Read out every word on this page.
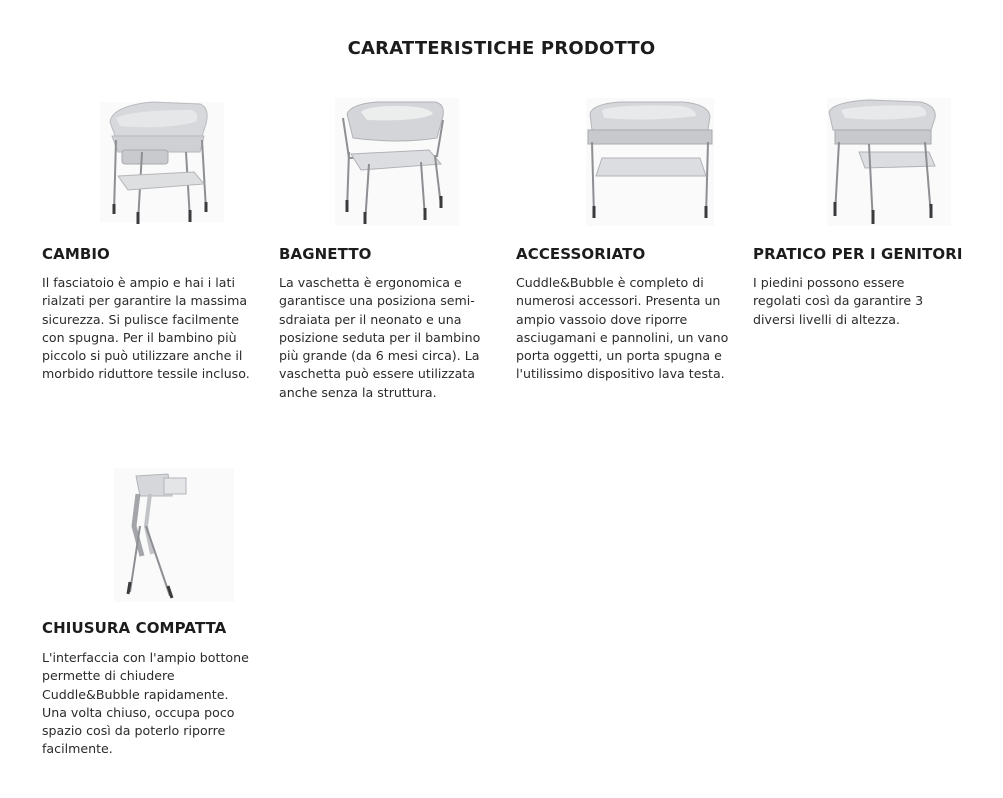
CARATTERISTICHE PRODOTTO
CAMBIO

Il fasciatoio è ampio e hai i lati rialzati per garantire la massima sicurezza. Si pulisce facilmente con spugna. Per il bambino più piccolo si può utilizzare anche il morbido riduttore tessile incluso.

BAGNETTO

La vaschetta è ergonomica e garantisce una posiziona semi-sdraiata per il neonato e una posizione seduta per il bambino più grande (da 6 mesi circa). La vaschetta può essere utilizzata anche senza la struttura.

ACCESSORIATO

Cuddle&Bubble è completo di numerosi accessori. Presenta un ampio vassoio dove riporre asciugamani e pannolini, un vano porta oggetti, un porta spugna e l'utilissimo dispositivo lava testa.

PRATICO PER I GENITORI

I piedini possono essere regolati così da garantire 3 diversi livelli di altezza.

CHIUSURA COMPATTA

L'interfaccia con l'ampio bottone permette di chiudere Cuddle&Bubble rapidamente. Una volta chiuso, occupa poco spazio così da poterlo riporre facilmente.
